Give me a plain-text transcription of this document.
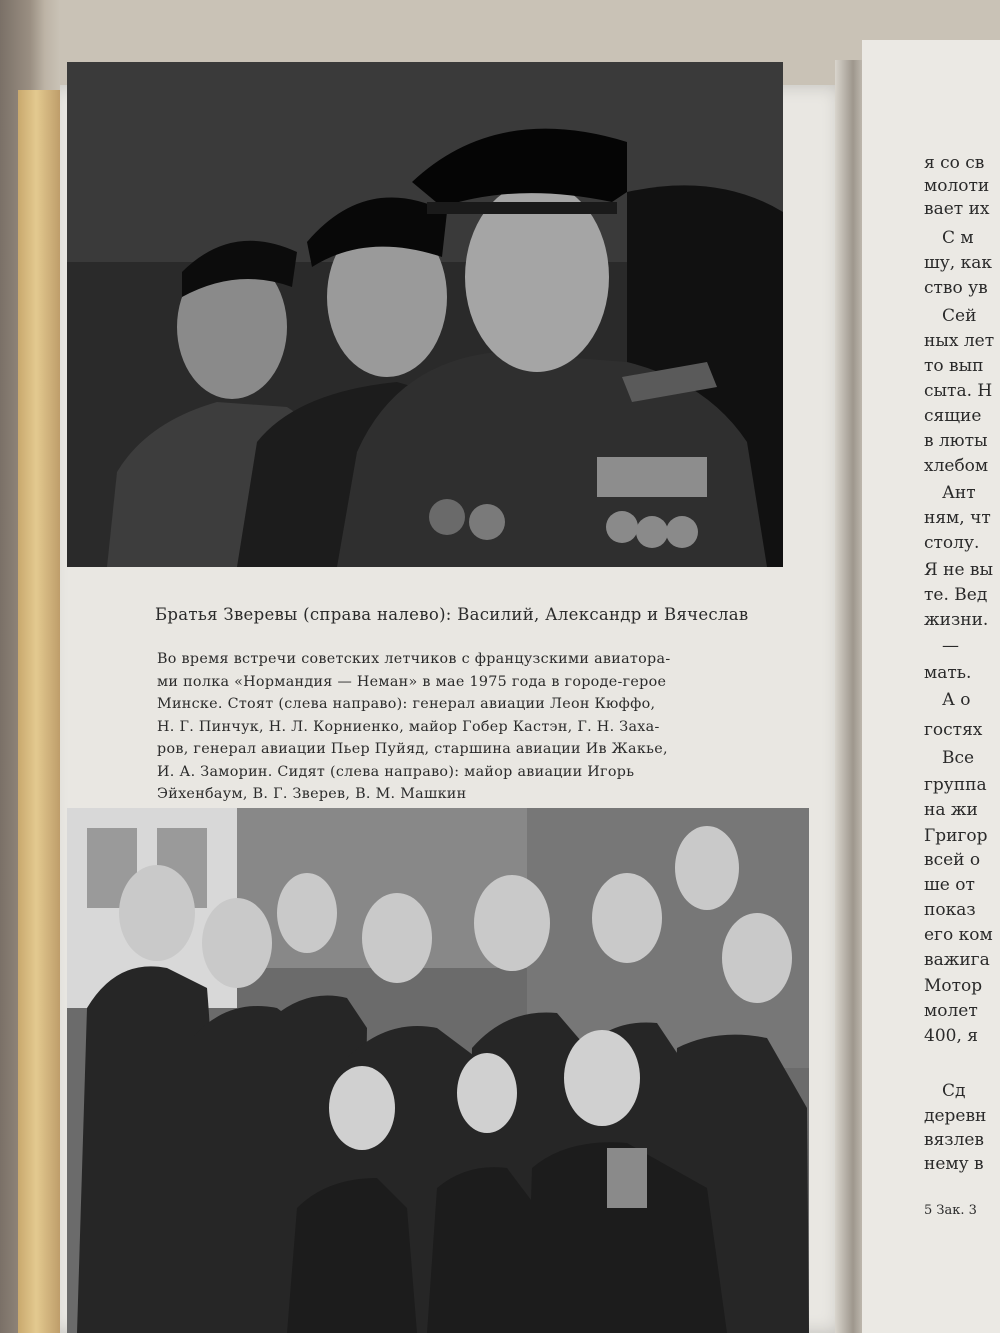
Братья Зверевы (справа налево): Василий, Александр и Вячеслав

Во время встречи советских летчиков с французскими авиатора-

ми полка «Нормандия — Неман» в мае 1975 года в городе-герое

Минске. Стоят (слева направо): генерал авиации Леон Кюффо,

Н. Г. Пинчук, Н. Л. Корниенко, майор Гобер Кастэн, Г. Н. Заха-

ров, генерал авиации Пьер Пуйяд, старшина авиации Ив Жакье,

И. А. Заморин. Сидят (слева направо): майор авиации Игорь

Эйхенбаум, В. Г. Зверев, В. М. Машкин

я со св
молоти
вает их
С м
шу, как
ство ув
Сей
ных лет
то вып
сыта. Н
сящие
в люты
хлебом
Ант
ням, чт
столу.
Я не вы
те. Вед
жизни.
—
мать.
А о
гостях
Все
группа
на жи
Григор
всей о
ше от
показ
его ком
важига
Мотор
молет
400, я
Сд
деревн
вязлев
нему в
5 Зак. 3
